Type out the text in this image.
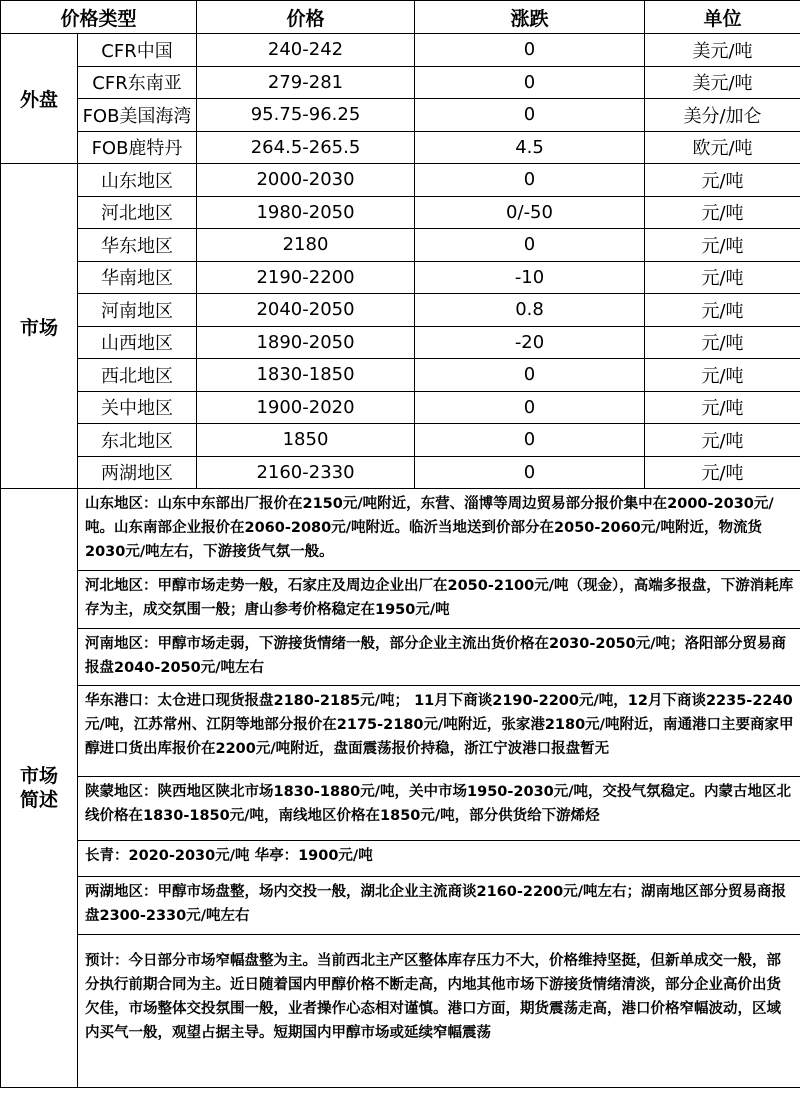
价格类型		价格	涨跌	单位
外盘	CFR中国	240-242	0	美元/吨
	CFR东南亚	279-281	0	美元/吨
	FOB美国海湾	95.75-96.25	0	美分/加仑
	FOB鹿特丹	264.5-265.5	4.5	欧元/吨
市场	山东地区	2000-2030	0	元/吨
	河北地区	1980-2050	0/-50	元/吨
	华东地区	2180	0	元/吨
	华南地区	2190-2200	-10	元/吨
	河南地区	2040-2050	0.8	元/吨
	山西地区	1890-2050	-20	元/吨
	西北地区	1830-1850	0	元/吨
	关中地区	1900-2020	0	元/吨
	东北地区	1850	0	元/吨
	两湖地区	2160-2330	0	元/吨

市场
简述	山东地区：山东中东部出厂报价在2150元/吨附近，东营、淄博等周边贸易部分报价集中在2000-2030元/吨。山东南部企业报价在2060-2080元/吨附近。临沂当地送到价部分在2050-2060元/吨附近，物流货2030元/吨左右，下游接货气氛一般。			
	河北地区：甲醇市场走势一般，石家庄及周边企业出厂在2050-2100元/吨（现金），高端多报盘，下游消耗库存为主，成交氛围一般；唐山参考价格稳定在1950元/吨			
	河南地区：甲醇市场走弱，下游接货情绪一般，部分企业主流出货价格在2030-2050元/吨；洛阳部分贸易商报盘2040-2050元/吨左右			
	华东港口：太仓进口现货报盘2180-2185元/吨； 11月下商谈2190-2200元/吨，12月下商谈2235-2240元/吨，江苏常州、江阴等地部分报价在2175-2180元/吨附近，张家港2180元/吨附近，南通港口主要商家甲醇进口货出库报价在2200元/吨附近，盘面震荡报价持稳，浙江宁波港口报盘暂无			
	陕蒙地区：陕西地区陕北市场1830-1880元/吨，关中市场1950-2030元/吨，交投气氛稳定。内蒙古地区北线价格在1830-1850元/吨，南线地区价格在1850元/吨，部分供货给下游烯烃			
	长青：2020-2030元/吨 华亭：1900元/吨			
	两湖地区：甲醇市场盘整，场内交投一般，湖北企业主流商谈2160-2200元/吨左右；湖南地区部分贸易商报盘2300-2330元/吨左右			
	预计：今日部分市场窄幅盘整为主。当前西北主产区整体库存压力不大，价格维持坚挺，但新单成交一般，部分执行前期合同为主。近日随着国内甲醇价格不断走高，内地其他市场下游接货情绪清淡，部分企业高价出货欠佳，市场整体交投氛围一般，业者操作心态相对谨慎。港口方面，期货震荡走高，港口价格窄幅波动，区域内买气一般，观望占据主导。短期国内甲醇市场或延续窄幅震荡			
